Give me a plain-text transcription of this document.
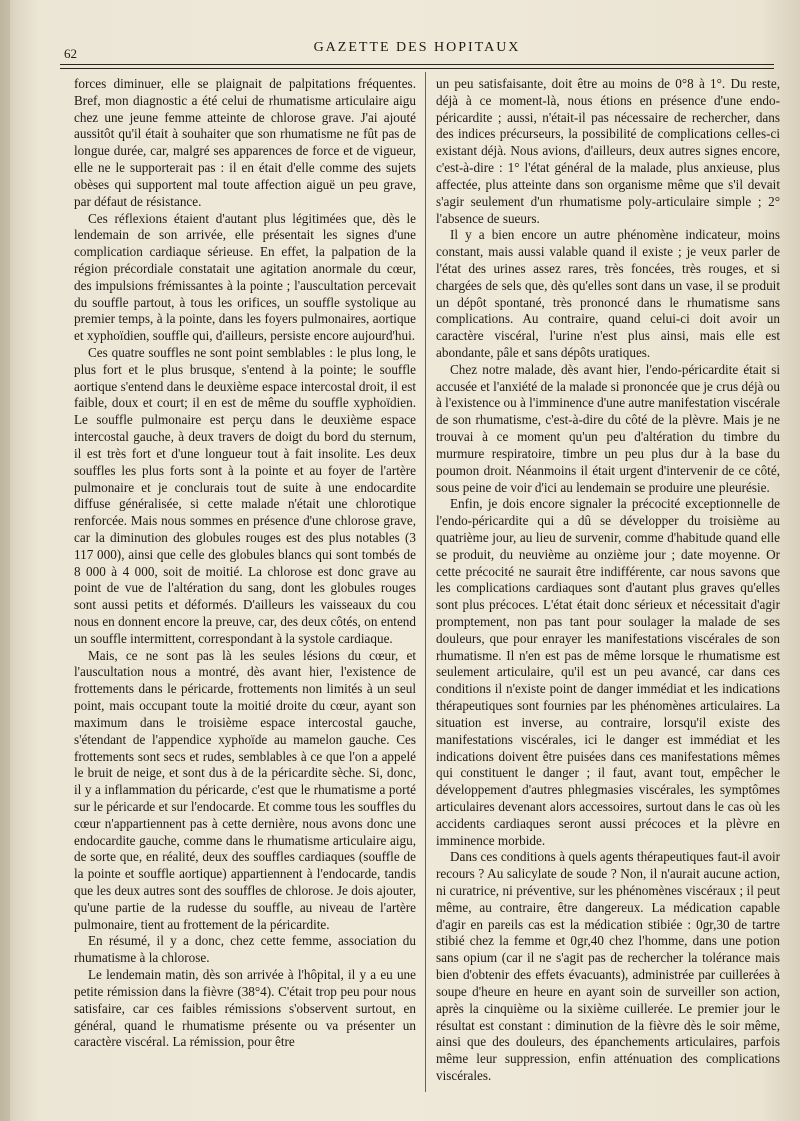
62	GAZETTE DES HOPITAUX

forces diminuer, elle se plaignait de palpitations fréquentes. Bref, mon diagnostic a été celui de rhumatisme articulaire aigu chez une jeune femme atteinte de chlorose grave. J'ai ajouté aussitôt qu'il était à souhaiter que son rhumatisme ne fût pas de longue durée, car, malgré ses apparences de force et de vigueur, elle ne le supporterait pas : il en était d'elle comme des sujets obèses qui supportent mal toute affection aiguë un peu grave, par défaut de résistance.

Ces réflexions étaient d'autant plus légitimées que, dès le lendemain de son arrivée, elle présentait les signes d'une complication cardiaque sérieuse. En effet, la palpation de la région précordiale constatait une agitation anormale du cœur, des impulsions frémissantes à la pointe ; l'auscultation percevait du souffle partout, à tous les orifices, un souffle systolique au premier temps, à la pointe, dans les foyers pulmonaires, aortique et xyphoïdien, souffle qui, d'ailleurs, persiste encore aujourd'hui.

Ces quatre souffles ne sont point semblables : le plus long, le plus fort et le plus brusque, s'entend à la pointe; le souffle aortique s'entend dans le deuxième espace intercostal droit, il est faible, doux et court; il en est de même du souffle xyphoïdien. Le souffle pulmonaire est perçu dans le deuxième espace intercostal gauche, à deux travers de doigt du bord du sternum, il est très fort et d'une longueur tout à fait insolite. Les deux souffles les plus forts sont à la pointe et au foyer de l'artère pulmonaire et je conclurais tout de suite à une endocardite diffuse généralisée, si cette malade n'était une chlorotique renforcée. Mais nous sommes en présence d'une chlorose grave, car la diminution des globules rouges est des plus notables (3 117 000), ainsi que celle des globules blancs qui sont tombés de 8 000 à 4 000, soit de moitié. La chlorose est donc grave au point de vue de l'altération du sang, dont les globules rouges sont aussi petits et déformés. D'ailleurs les vaisseaux du cou nous en donnent encore la preuve, car, des deux côtés, on entend un souffle intermittent, correspondant à la systole cardiaque.

Mais, ce ne sont pas là les seules lésions du cœur, et l'auscultation nous a montré, dès avant hier, l'existence de frottements dans le péricarde, frottements non limités à un seul point, mais occupant toute la moitié droite du cœur, ayant son maximum dans le troisième espace intercostal gauche, s'étendant de l'appendice xyphoïde au mamelon gauche. Ces frottements sont secs et rudes, semblables à ce que l'on a appelé le bruit de neige, et sont dus à de la péricardite sèche. Si, donc, il y a inflammation du péricarde, c'est que le rhumatisme a porté sur le péricarde et sur l'endocarde. Et comme tous les souffles du cœur n'appartiennent pas à cette dernière, nous avons donc une endocardite gauche, comme dans le rhumatisme articulaire aigu, de sorte que, en réalité, deux des souffles cardiaques (souffle de la pointe et souffle aortique) appartiennent à l'endocarde, tandis que les deux autres sont des souffles de chlorose. Je dois ajouter, qu'une partie de la rudesse du souffle, au niveau de l'artère pulmonaire, tient au frottement de la péricardite.

En résumé, il y a donc, chez cette femme, association du rhumatisme à la chlorose.

Le lendemain matin, dès son arrivée à l'hôpital, il y a eu une petite rémission dans la fièvre (38°4). C'était trop peu pour nous satisfaire, car ces faibles rémissions s'observent surtout, en général, quand le rhumatisme présente ou va présenter un caractère viscéral. La rémission, pour être

un peu satisfaisante, doit être au moins de 0°8 à 1°. Du reste, déjà à ce moment-là, nous étions en présence d'une endo-péricardite ; aussi, n'était-il pas nécessaire de rechercher, dans des indices précurseurs, la possibilité de complications celles-ci existant déjà. Nous avions, d'ailleurs, deux autres signes encore, c'est-à-dire : 1° l'état général de la malade, plus anxieuse, plus affectée, plus atteinte dans son organisme même que s'il devait s'agir seulement d'un rhumatisme poly-articulaire simple ; 2° l'absence de sueurs.

Il y a bien encore un autre phénomène indicateur, moins constant, mais aussi valable quand il existe ; je veux parler de l'état des urines assez rares, très foncées, très rouges, et si chargées de sels que, dès qu'elles sont dans un vase, il se produit un dépôt spontané, très prononcé dans le rhumatisme sans complications. Au contraire, quand celui-ci doit avoir un caractère viscéral, l'urine n'est plus ainsi, mais elle est abondante, pâle et sans dépôts uratiques.

Chez notre malade, dès avant hier, l'endo-péricardite était si accusée et l'anxiété de la malade si prononcée que je crus déjà ou à l'existence ou à l'imminence d'une autre manifestation viscérale de son rhumatisme, c'est-à-dire du côté de la plèvre. Mais je ne trouvai à ce moment qu'un peu d'altération du timbre du murmure respiratoire, timbre un peu plus dur à la base du poumon droit. Néanmoins il était urgent d'intervenir de ce côté, sous peine de voir d'ici au lendemain se produire une pleurésie.

Enfin, je dois encore signaler la précocité exceptionnelle de l'endo-péricardite qui a dû se développer du troisième au quatrième jour, au lieu de survenir, comme d'habitude quand elle se produit, du neuvième au onzième jour ; date moyenne. Or cette précocité ne saurait être indifférente, car nous savons que les complications cardiaques sont d'autant plus graves qu'elles sont plus précoces. L'état était donc sérieux et nécessitait d'agir promptement, non pas tant pour soulager la malade de ses douleurs, que pour enrayer les manifestations viscérales de son rhumatisme. Il n'en est pas de même lorsque le rhumatisme est seulement articulaire, qu'il est un peu avancé, car dans ces conditions il n'existe point de danger immédiat et les indications thérapeutiques sont fournies par les phénomènes articulaires. La situation est inverse, au contraire, lorsqu'il existe des manifestations viscérales, ici le danger est immédiat et les indications doivent être puisées dans ces manifestations mêmes qui constituent le danger ; il faut, avant tout, empêcher le développement d'autres phlegmasies viscérales, les symptômes articulaires devenant alors accessoires, surtout dans le cas où les accidents cardiaques seront aussi précoces et la plèvre en imminence morbide.

Dans ces conditions à quels agents thérapeutiques faut-il avoir recours ? Au salicylate de soude ? Non, il n'aurait aucune action, ni curatrice, ni préventive, sur les phénomènes viscéraux ; il peut même, au contraire, être dangereux. La médication capable d'agir en pareils cas est la médication stibiée : 0gr,30 de tartre stibié chez la femme et 0gr,40 chez l'homme, dans une potion sans opium (car il ne s'agit pas de rechercher la tolérance mais bien d'obtenir des effets évacuants), administrée par cuillerées à soupe d'heure en heure en ayant soin de surveiller son action, après la cinquième ou la sixième cuillerée. Le premier jour le résultat est constant : diminution de la fièvre dès le soir même, ainsi que des douleurs, des épanchements articulaires, parfois même leur suppression, enfin atténuation des complications viscérales.
